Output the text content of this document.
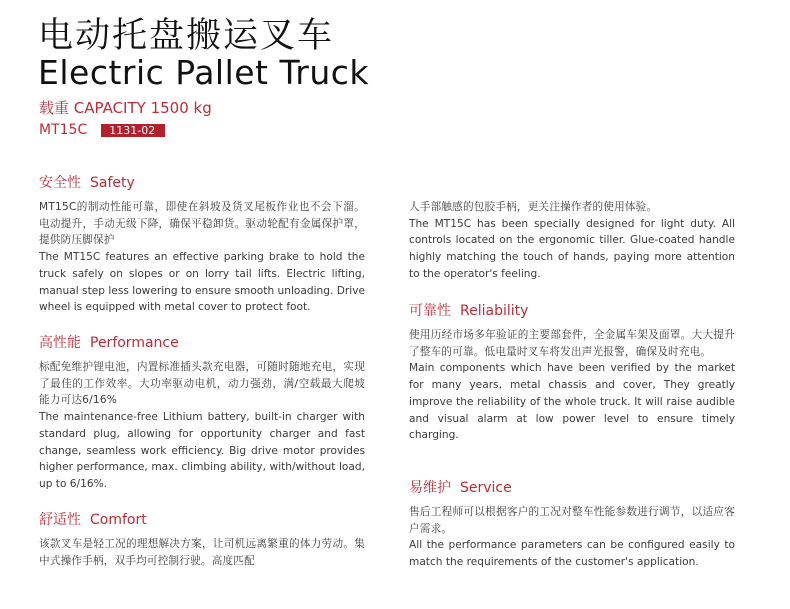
电动托盘搬运叉车
Electric Pallet Truck
载重 CAPACITY 1500 kg
MT15C	1131-02
安全性 Safety

MT15C的制动性能可靠，即使在斜坡及货叉尾板作业也不会下溜。电动提升，手动无级下降，确保平稳卸货。驱动轮配有金属保护罩，提供防压脚保护

The MT15C features an effective parking brake to hold the truck safely on slopes or on lorry tail lifts. Electric lifting, manual step less lowering to ensure smooth unloading. Drive wheel is equipped with metal cover to protect foot.

高性能 Performance

标配免维护锂电池，内置标准插头款充电器，可随时随地充电，实现了最佳的工作效率。大功率驱动电机，动力强劲，满/空载最大爬坡能力可达6/16%

The maintenance-free Lithium battery, built-in charger with standard plug, allowing for opportunity charger and fast change, seamless work efficiency. Big drive motor provides higher performance, max. climbing ability, with/without load, up to 6/16%.

舒适性 Comfort

该款叉车是轻工况的理想解决方案，让司机远离繁重的体力劳动。集中式操作手柄，双手均可控制行驶。高度匹配

人手部触感的包胶手柄，更关注操作者的使用体验。

The MT15C has been specially designed for light duty. All controls located on the ergonomic tiller. Glue-coated handle highly matching the touch of hands, paying more attention to the operator's feeling.

可靠性 Reliability

使用历经市场多年验证的主要部套件，全金属车架及面罩。大大提升了整车的可靠。低电量时叉车将发出声光报警，确保及时充电。

Main components which have been verified by the market for many years, metal chassis and cover, They greatly improve the reliability of the whole truck. It will raise audible and visual alarm at low power level to ensure timely charging.

易维护 Service

售后工程师可以根据客户的工况对整车性能参数进行调节，以适应客户需求。

All the performance parameters can be configured easily to match the requirements of the customer's application.
